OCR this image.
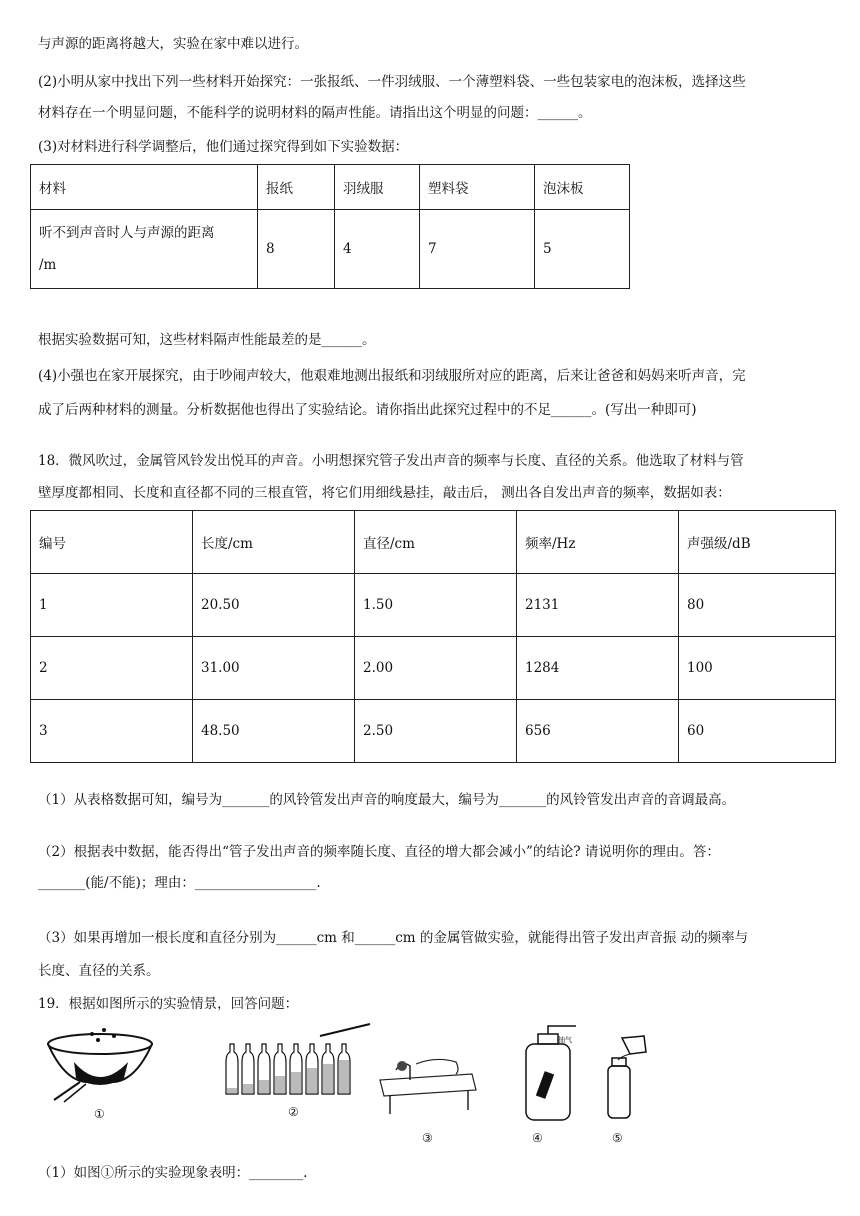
与声源的距离将越大，实验在家中难以进行。
(2)小明从家中找出下列一些材料开始探究：一张报纸、一件羽绒服、一个薄塑料袋、一些包装家电的泡沫板，选择这些
材料存在一个明显问题，不能科学的说明材料的隔声性能。请指出这个明显的问题：______。
(3)对材料进行科学调整后，他们通过探究得到如下实验数据：
材料	报纸	羽绒服	塑料袋	泡沫板
听不到声音时人与声源的距离
/m	8	4	7	5
根据实验数据可知，这些材料隔声性能最差的是______。
(4)小强也在家开展探究，由于吵闹声较大，他艰难地测出报纸和羽绒服所对应的距离，后来让爸爸和妈妈来听声音，完
成了后两种材料的测量。分析数据他也得出了实验结论。请你指出此探究过程中的不足______。(写出一种即可)
18．微风吹过，金属管风铃发出悦耳的声音。小明想探究管子发出声音的频率与长度、直径的关系。他选取了材料与管
壁厚度都相同、长度和直径都不同的三根直管，将它们用细线悬挂，敲击后， 测出各自发出声音的频率，数据如表：
编号	长度/cm	直径/cm	频率/Hz	声强级/dB
1	20.50	1.50	2131	80
2	31.00	2.00	1284	100
3	48.50	2.50	656	60
（1）从表格数据可知，编号为_______的风铃管发出声音的响度最大，编号为_______的风铃管发出声音的音调最高。
（2）根据表中数据，能否得出“管子发出声音的频率随长度、直径的增大都会减小”的结论? 请说明你的理由。答：
_______(能/不能)；理由：__________________.
（3）如果再增加一根长度和直径分别为______cm 和______cm 的金属管做实验，就能得出管子发出声音振 动的频率与
长度、直径的关系。
19．根据如图所示的实验情景，回答问题：
①	②
③
抽气
④	⑤
（1）如图①所示的实验现象表明：________.
